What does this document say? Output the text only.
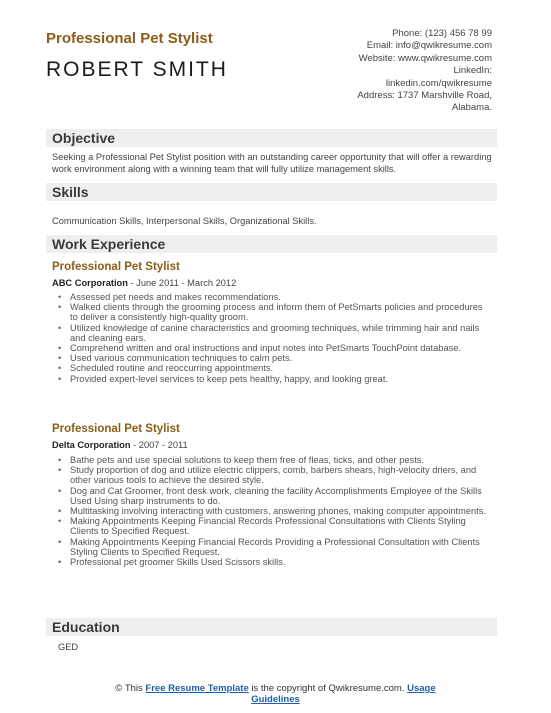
Professional Pet Stylist
ROBERT SMITH
Phone: (123) 456 78 99
Email: info@qwikresume.com
Website: www.qwikresume.com
LinkedIn:
linkedin.com/qwikresume
Address: 1737 Marshville Road,
Alabama.
Objective
Seeking a Professional Pet Stylist position with an outstanding career opportunity that will offer a rewarding work environment along with a winning team that will fully utilize management skills.
Skills
Communication Skills, Interpersonal Skills, Organizational Skills.
Work Experience
Professional Pet Stylist
ABC Corporation - June 2011 - March 2012
• Assessed pet needs and makes recommendations.
• Walked clients through the grooming process and inform them of PetSmarts policies and procedures to deliver a consistently high-quality groom.
• Utilized knowledge of canine characteristics and grooming techniques, while trimming hair and nails and cleaning ears.
• Comprehend written and oral instructions and input notes into PetSmarts TouchPoint database.
• Used various communication techniques to calm pets.
• Scheduled routine and reoccurring appointments.
• Provided expert-level services to keep pets healthy, happy, and looking great.
Professional Pet Stylist
Delta Corporation - 2007 - 2011
• Bathe pets and use special solutions to keep them free of fleas, ticks, and other pests.
• Study proportion of dog and utilize electric clippers, comb, barbers shears, high-velocity driers, and other various tools to achieve the desired style.
• Dog and Cat Groomer, front desk work, cleaning the facility Accomplishments Employee of the Skills Used Using sharp instruments to do.
• Multitasking involving interacting with customers, answering phones, making computer appointments.
• Making Appointments Keeping Financial Records Professional Consultations with Clients Styling Clients to Specified Request.
• Making Appointments Keeping Financial Records Providing a Professional Consultation with Clients Styling Clients to Specified Request.
• Professional pet groomer Skills Used Scissors skills.
Education
GED
© This Free Resume Template is the copyright of Qwikresume.com. Usage
Guidelines
